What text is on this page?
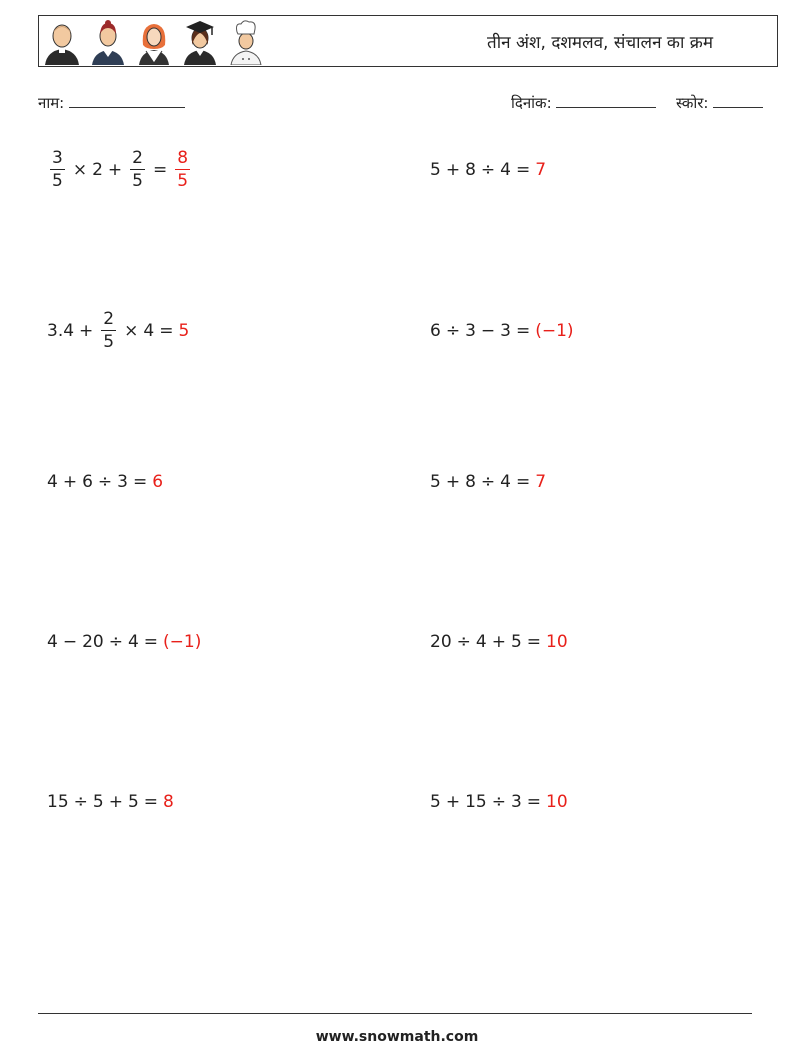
तीन अंश, दशमलव, संचालन का क्रम
नाम:	दिनांक:	स्कोर:
$\frac{3}{5} \times 2 + \frac{2}{5} = \frac{8}{5}$	5 + 8 ÷ 4 = 7
$3.4 + \frac{2}{5} \times 4 = 5$	6 ÷ 3 − 3 = (−1)
4 + 6 ÷ 3 = 6	5 + 8 ÷ 4 = 7
4 − 20 ÷ 4 = (−1)	20 ÷ 4 + 5 = 10
15 ÷ 5 + 5 = 8	5 + 15 ÷ 3 = 10
www.snowmath.com
